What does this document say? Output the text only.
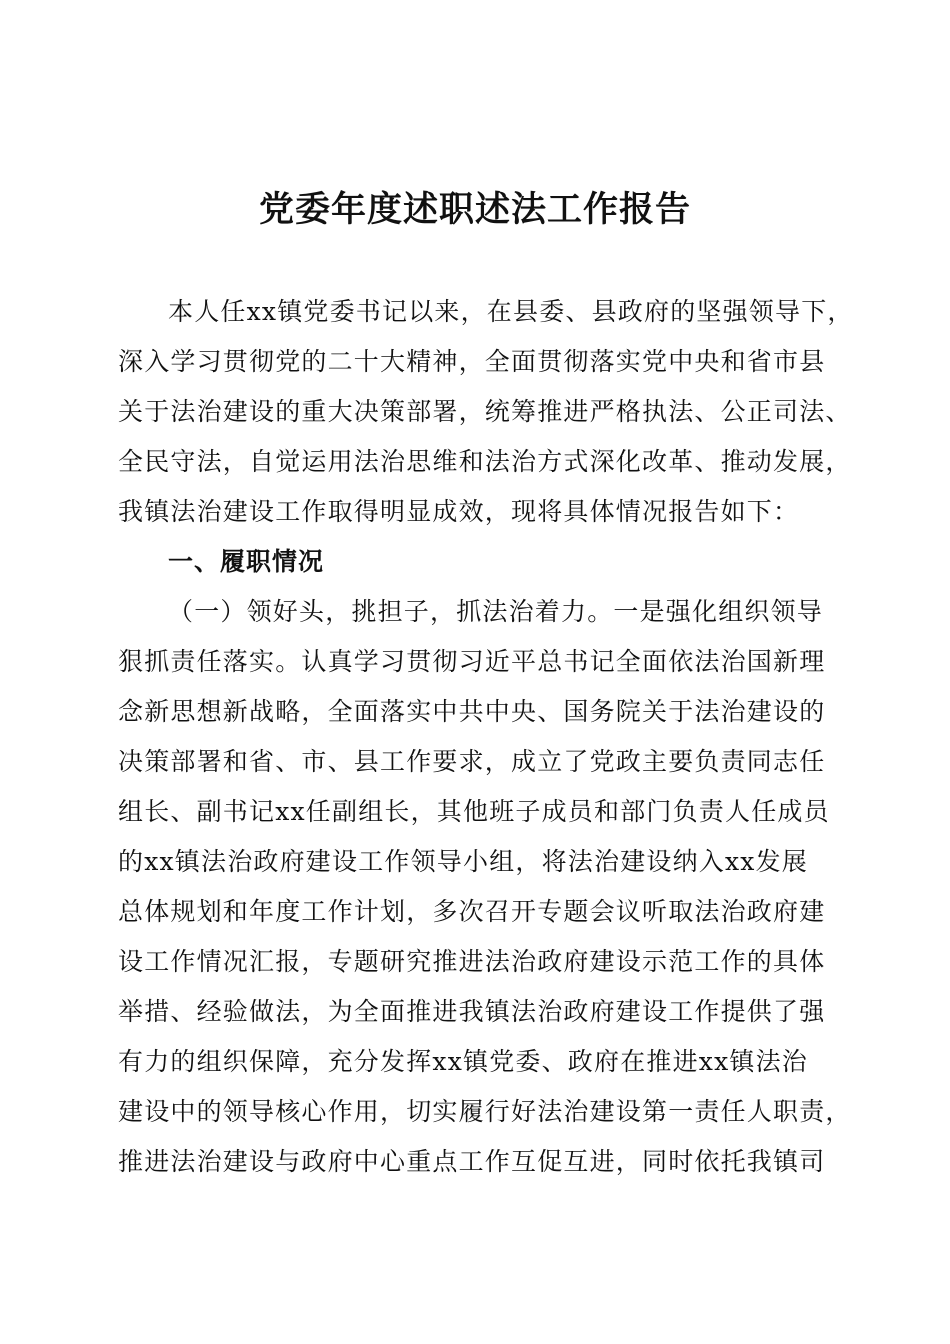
党委年度述职述法工作报告
本人任xx镇党委书记以来，在县委、县政府的坚强领导下，
深入学习贯彻党的二十大精神，全面贯彻落实党中央和省市县
关于法治建设的重大决策部署，统筹推进严格执法、公正司法、
全民守法，自觉运用法治思维和法治方式深化改革、推动发展，
我镇法治建设工作取得明显成效，现将具体情况报告如下：
一、履职情况
（一）领好头，挑担子，抓法治着力。一是强化组织领导
狠抓责任落实。认真学习贯彻习近平总书记全面依法治国新理
念新思想新战略，全面落实中共中央、国务院关于法治建设的
决策部署和省、市、县工作要求，成立了党政主要负责同志任
组长、副书记xx任副组长，其他班子成员和部门负责人任成员
的xx镇法治政府建设工作领导小组，将法治建设纳入xx发展
总体规划和年度工作计划，多次召开专题会议听取法治政府建
设工作情况汇报，专题研究推进法治政府建设示范工作的具体
举措、经验做法，为全面推进我镇法治政府建设工作提供了强
有力的组织保障，充分发挥xx镇党委、政府在推进xx镇法治
建设中的领导核心作用，切实履行好法治建设第一责任人职责，
推进法治建设与政府中心重点工作互促互进，同时依托我镇司
